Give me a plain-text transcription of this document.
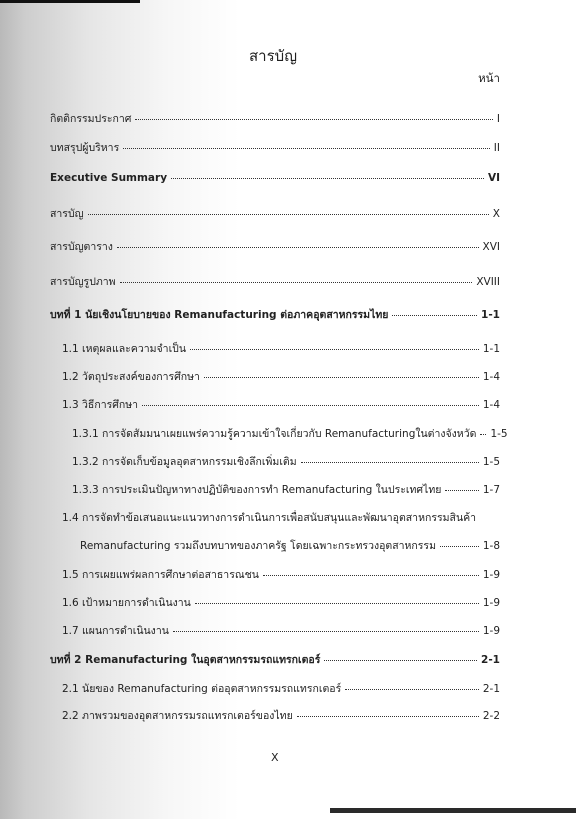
สารบัญ
หน้า
กิตติกรรมประกาศ	I
บทสรุปผู้บริหาร	II
Executive Summary	VI
สารบัญ	X
สารบัญตาราง	XVI
สารบัญรูปภาพ	XVIII
บทที่ 1 นัยเชิงนโยบายของ Remanufacturing ต่อภาคอุตสาหกรรมไทย	1-1
1.1 เหตุผลและความจำเป็น	1-1
1.2 วัตถุประสงค์ของการศึกษา	1-4
1.3 วิธีการศึกษา	1-4
1.3.1 การจัดสัมมนาเผยแพร่ความรู้ความเข้าใจเกี่ยวกับ Remanufacturingในต่างจังหวัด 1-5
1.3.2 การจัดเก็บข้อมูลอุตสาหกรรมเชิงลึกเพิ่มเติม	1-5
1.3.3 การประเมินปัญหาทางปฏิบัติของการทำ Remanufacturing ในประเทศไทย	1-7
1.4 การจัดทำข้อเสนอแนะแนวทางการดำเนินการเพื่อสนับสนุนและพัฒนาอุตสาหกรรมสินค้า
Remanufacturing รวมถึงบทบาทของภาครัฐ โดยเฉพาะกระทรวงอุตสาหกรรม	1-8
1.5 การเผยแพร่ผลการศึกษาต่อสาธารณชน	1-9
1.6 เป้าหมายการดำเนินงาน	1-9
1.7 แผนการดำเนินงาน	1-9
บทที่ 2 Remanufacturing ในอุตสาหกรรมรถแทรกเตอร์	2-1
2.1 นัยของ Remanufacturing ต่ออุตสาหกรรมรถแทรกเตอร์	2-1
2.2 ภาพรวมของอุตสาหกรรมรถแทรกเตอร์ของไทย	2-2
X
